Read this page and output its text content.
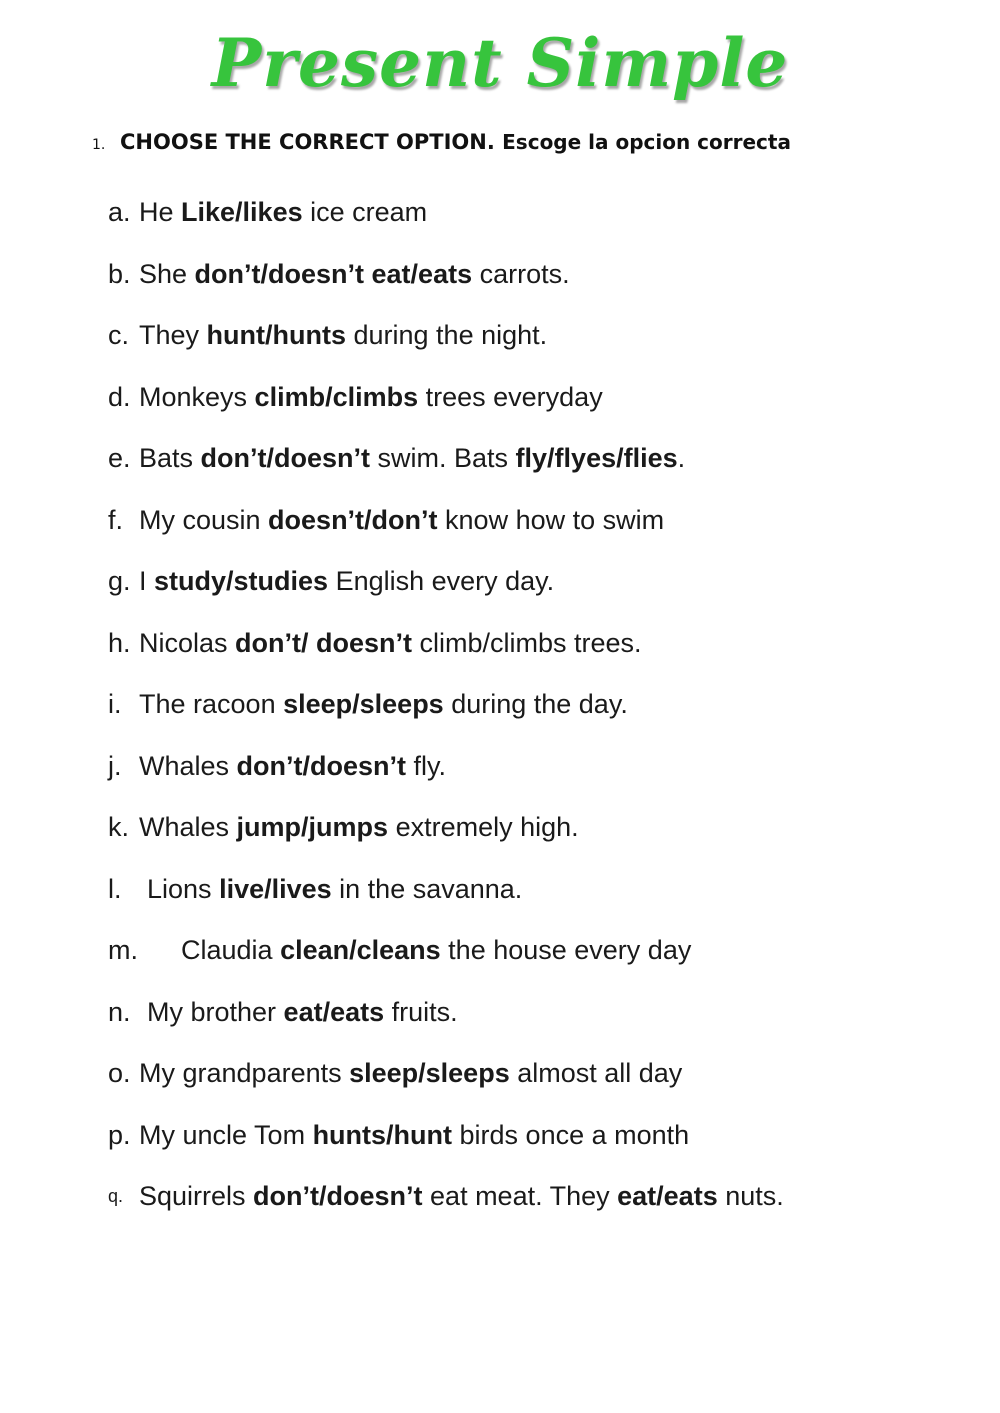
Present Simple
1. CHOOSE THE CORRECT OPTION. Escoge la opcion correcta
a. He Like/likes ice cream
b. She don’t/doesn’t eat/eats carrots.
c. They hunt/hunts during the night.
d. Monkeys climb/climbs trees everyday
e. Bats don’t/doesn’t swim. Bats fly/flyes/flies.
f. My cousin doesn’t/don’t know how to swim
g. I study/studies English every day.
h. Nicolas don’t/ doesn’t climb/climbs trees.
i. The racoon sleep/sleeps during the day.
j. Whales don’t/doesn’t fly.
k. Whales jump/jumps extremely high.
l. Lions live/lives in the savanna.
m.	Claudia clean/cleans the house every day
n. My brother eat/eats fruits.
o. My grandparents sleep/sleeps almost all day
p. My uncle Tom hunts/hunt birds once a month
q. Squirrels don’t/doesn’t eat meat. They eat/eats nuts.
